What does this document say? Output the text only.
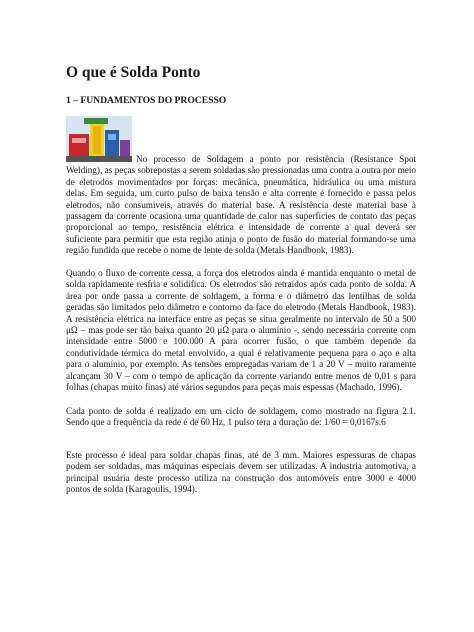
O que é Solda Ponto
1 – FUNDAMENTOS DO PROCESSO

No processo de Soldagem a ponto por resistência (Resistance Spot Welding), as peças sobrepostas a serem soldadas são pressionadas uma contra a outra por meio de eletrodos movimentados por forças: mecânica, pneumática, hidráulica ou uma mistura delas. Em seguida, um curto pulso de baixa tensão e alta corrente é fornecido e passa pelos eletrodos, não consumíveis, através do material base. A resistência deste material base à passagem da corrente ocasiona uma quantidade de calor nas superfícies de contato das peças proporcional ao tempo, resistência elétrica e intensidade de corrente a qual deverá ser suficiente para permitir que esta região atinja o ponto de fusão do material formando-se uma região fundida que recebe o nome de lente de solda (Metals Handbook, 1983).

Quando o fluxo de corrente cessa, a força dos eletrodos ainda é mantida enquanto o metal de solda rapidamente resfria e solidifica. Os eletrodos são retraídos após cada ponto de solda. A área por onde passa a corrente de soldagem, a forma e o diâmetro das lentilhas de solda geradas são limitados pelo diâmetro e contorno da face do eletrodo (Metals Handbook, 1983). A resistência elétrica na interface entre as peças se situa geralmente no intervalo de 50 a 500 μΩ – mas pode ser tão baixa quanto 20 μΩ para o alumínio -, sendo necessária corrente com intensidade entre 5000 e 100.000 A para ocorrer fusão, o que também depende da condutividade térmica do metal envolvido, a qual é relativamente pequena para o aço e alta para o alumínio, por exemplo. As tensões empregadas variam de 1 a 20 V – muito raramente alcançam 30 V – com o tempo de aplicação da corrente variando entre menos de 0,01 s para folhas (chapas muito finas) até vários segundos para peças mais espessas (Machado, 1996).

Cada ponto de solda é realizado em um ciclo de soldagem, como mostrado na figura 2.1. Sendo que a frequência da rede é de 60 Hz, 1 pulso tera a duração de: 1/60 = 0,0167s.6

Este processo é ideal para soldar chapas finas, até de 3 mm. Maiores espessuras de chapas podem ser soldadas, mas máquinas especiais devem ser utilizadas. A industria automotiva, a principal usuária deste processo utiliza na construção dos automóveis entre 3000 e 4000 pontos de solda (Karagoulis, 1994).
